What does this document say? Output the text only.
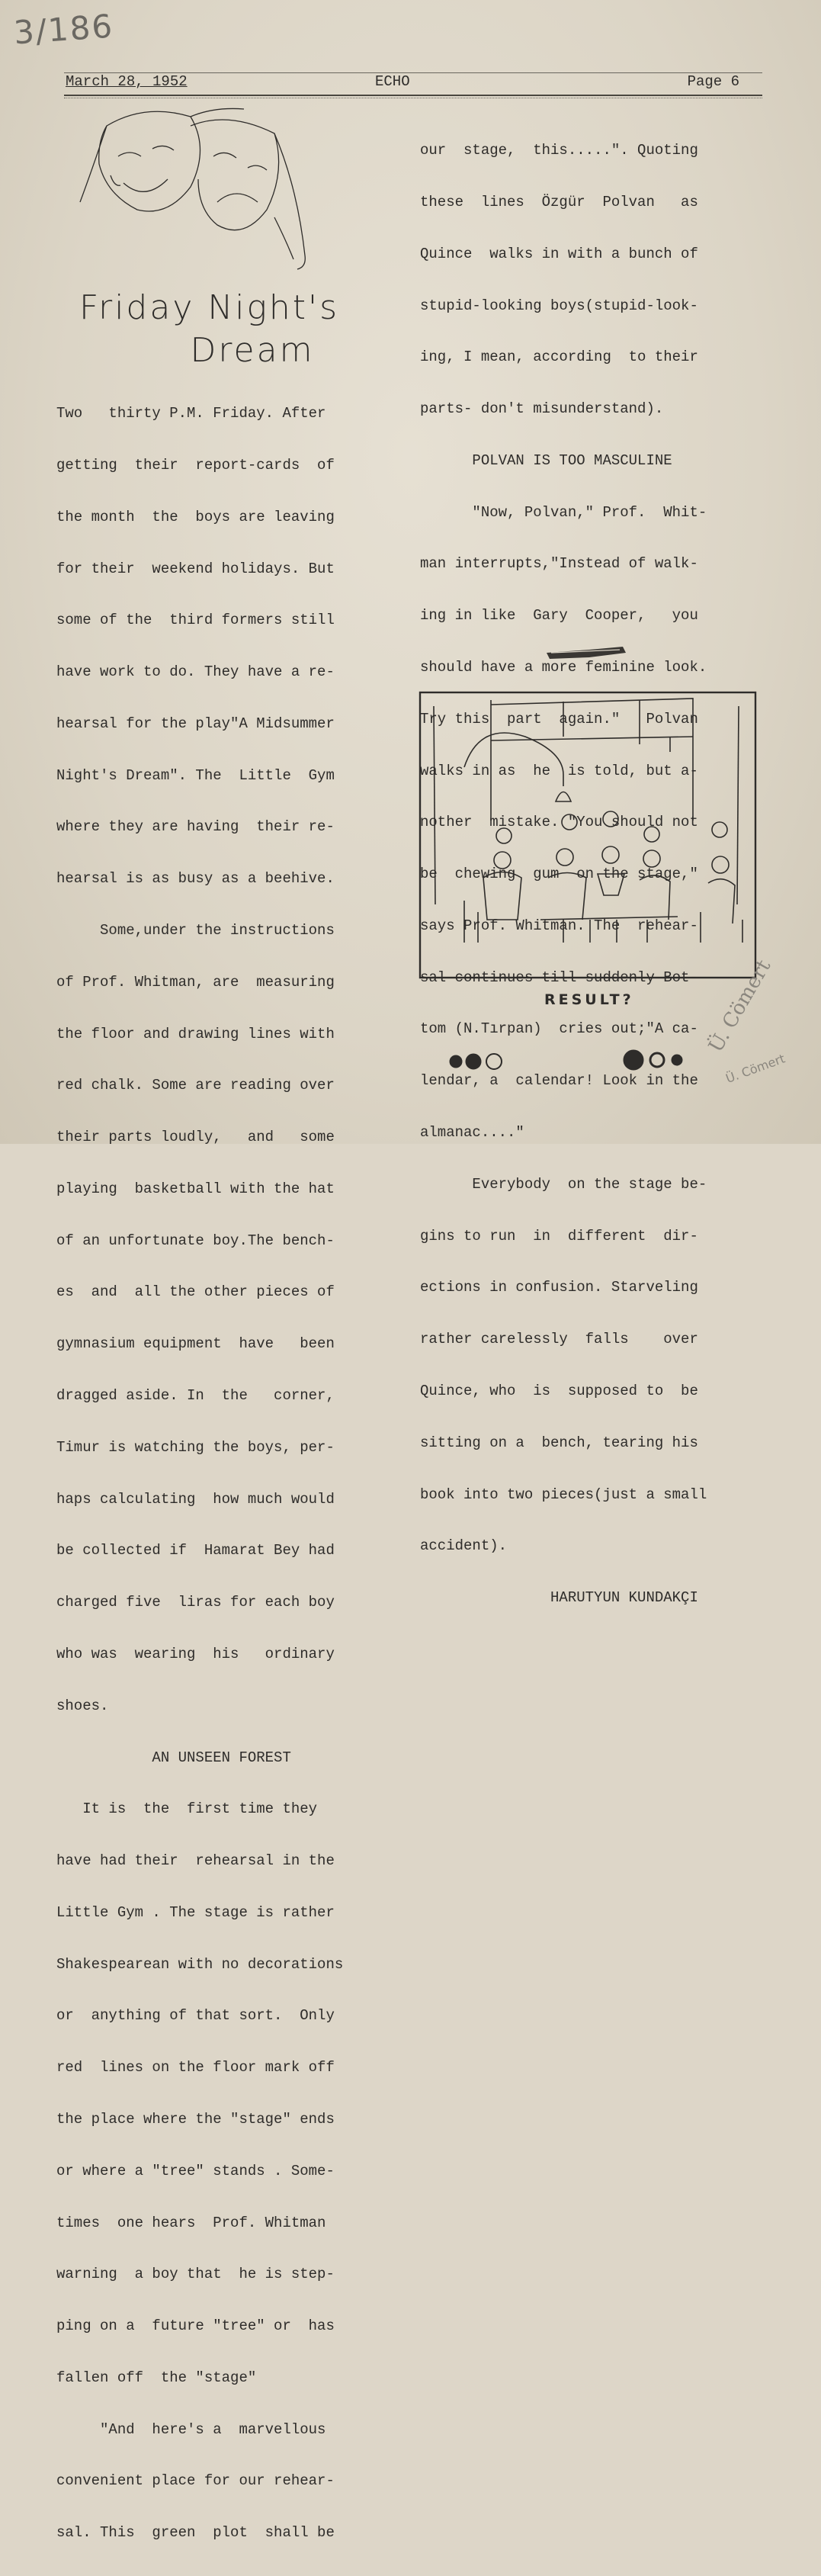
3/186
March 28, 1952	ECHO	Page 6
Friday Night's
Dream

Two   thirty P.M. Friday. After

getting  their  report-cards  of

the month  the  boys are leaving

for their  weekend holidays. But

some of the  third formers still

have work to do. They have a re-

hearsal for the play"A Midsummer

Night's Dream". The  Little  Gym

where they are having  their re-

hearsal is as busy as a beehive.

Some,under the instructions

of Prof. Whitman, are  measuring

the floor and drawing lines with

red chalk. Some are reading over

their parts loudly,   and   some

playing  basketball with the hat

of an unfortunate boy.The bench-

es  and  all the other pieces of

gymnasium equipment  have   been

dragged aside. In  the   corner,

Timur is watching the boys, per-

haps calculating  how much would

be collected if  Hamarat Bey had

charged five  liras for each boy

who was  wearing  his   ordinary

shoes.

AN UNSEEN FOREST

It is  the  first time they

have had their  rehearsal in the

Little Gym . The stage is rather

Shakespearean with no decorations

or  anything of that sort.  Only

red  lines on the floor mark off

the place where the "stage" ends

or where a "tree" stands . Some-

times  one hears  Prof. Whitman

warning  a boy that  he is step-

ping on a  future "tree" or  has

fallen off  the "stage"

"And  here's a  marvellous

convenient place for our rehear-

sal. This  green  plot  shall be

our  stage,  this.....". Quoting

these  lines  Özgür  Polvan   as

Quince  walks in with a bunch of

stupid-looking boys(stupid-look-

ing, I mean, according  to their

parts- don't misunderstand).

POLVAN IS TOO MASCULINE

"Now, Polvan," Prof.  Whit-

man interrupts,"Instead of walk-

ing in like  Gary  Cooper,   you

should have a more feminine look.

Try this  part  again."   Polvan

walks in as  he  is told, but a-

nother  mistake. "You should not

be  chewing  gum  on the stage,"

says Prof. Whitman. The  rehear-

sal continues till suddenly Bot-

tom (N.Tırpan)  cries out;"A ca-

lendar, a  calendar! Look in the

almanac...."

Everybody  on the stage be-

gins to run  in  different  dir-

ections in confusion. Starveling

rather carelessly  falls    over

Quince, who  is  supposed to  be

sitting on a  bench, tearing his

book into two pieces(just a small

accident).

HARUTYUN KUNDAKÇI

RESULT?	Ü. Cömert
Ü. Cömert
